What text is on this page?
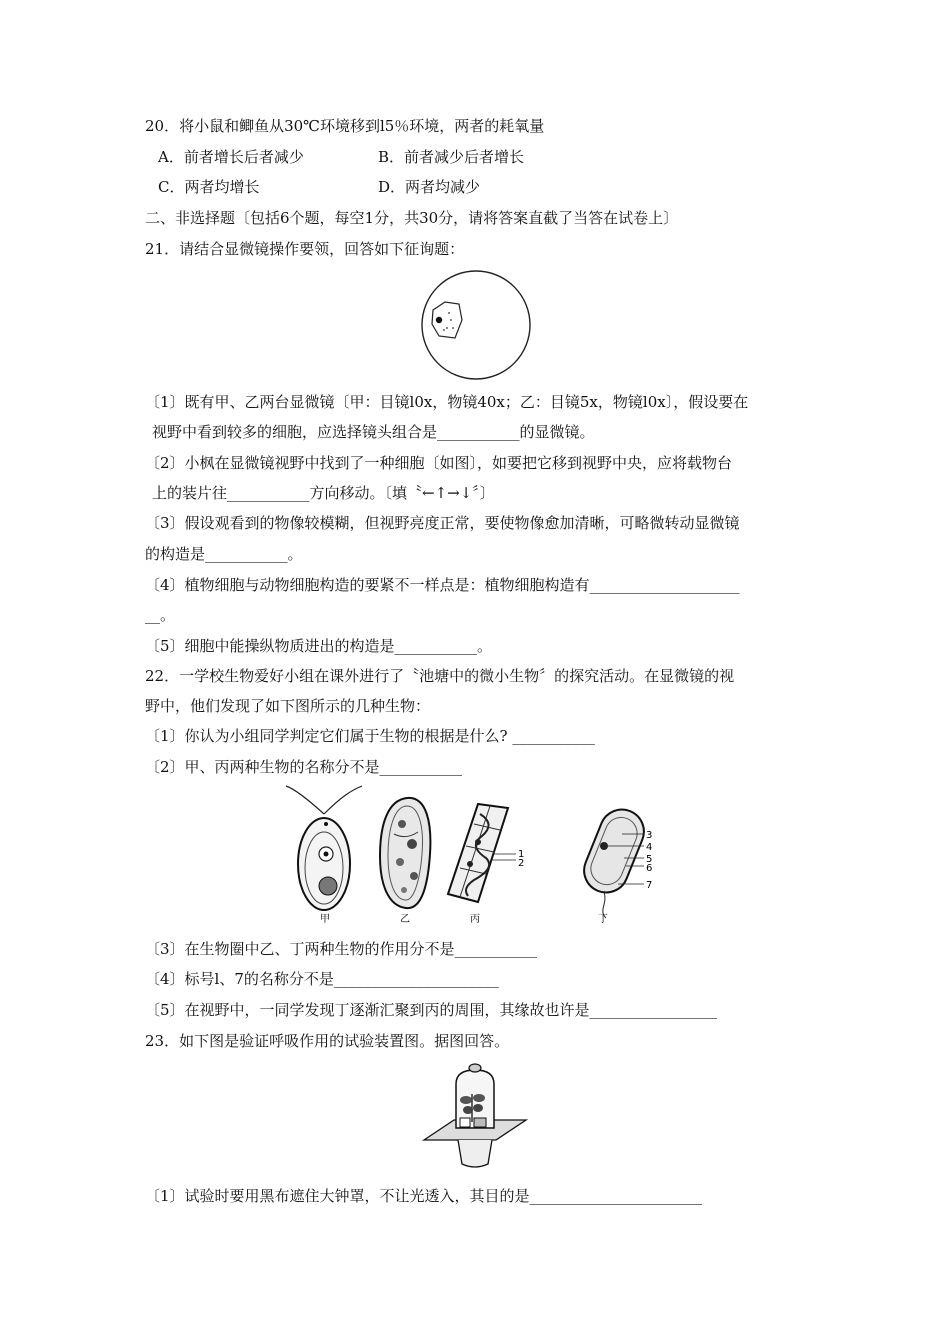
20．将小鼠和鲫鱼从30℃环境移到l5％环境，两者的耗氧量
A．前者增长后者减少	B．前者减少后者增长
C．两者均增长	D．两者均减少
二、非选择题〔包括6个题，每空1分，共30分，请将答案直截了当答在试卷上〕
21．请结合显微镜操作要领，回答如下征询题：
〔1〕既有甲、乙两台显微镜〔甲：目镜l0x，物镜40x；乙：目镜5x，物镜l0x〕，假设要在
视野中看到较多的细胞，应选择镜头组合是___________的显微镜。
〔2〕小枫在显微镜视野中找到了一种细胞〔如图〕，如要把它移到视野中央，应将载物台
上的装片往___________方向移动。〔填〝←↑→↓〞〕
〔3〕假设观看到的物像较模糊，但视野亮度正常，要使物像愈加清晰，可略微转动显微镜
的构造是___________。
〔4〕植物细胞与动物细胞构造的要紧不一样点是：植物细胞构造有____________________
__。
〔5〕细胞中能操纵物质进出的构造是___________。
22．一学校生物爱好小组在课外进行了〝池塘中的微小生物〞的探究活动。在显微镜的视
野中，他们发现了如下图所示的几种生物：
〔1〕你认为小组同学判定它们属于生物的根据是什么? ___________
〔2〕甲、丙两种生物的名称分不是___________
甲	乙
1
2
丙
3
4
5
6
7
丁
〔3〕在生物圈中乙、丁两种生物的作用分不是___________
〔4〕标号l、7的名称分不是______________________
〔5〕在视野中，一同学发现丁逐渐汇聚到丙的周围，其缘故也许是_________________
23．如下图是验证呼吸作用的试验装置图。据图回答。
〔1〕试验时要用黑布遮住大钟罩，不让光透入，其目的是_______________________
